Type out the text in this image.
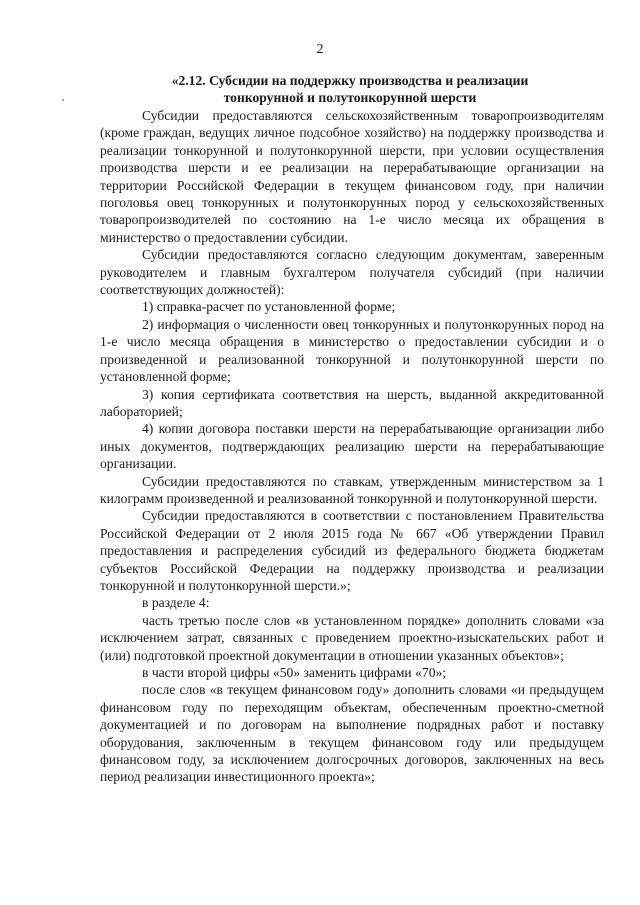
2
«2.12. Субсидии на поддержку производства и реализации
тонкорунной и полутонкорунной шерсти

Субсидии предоставляются сельскохозяйственным товаропроизводителям (кроме граждан, ведущих личное подсобное хозяйство) на поддержку производства и реализации тонкорунной и полутонкорунной шерсти, при условии осуществления производства шерсти и ее реализации на перерабатывающие организации на территории Российской Федерации в текущем финансовом году, при наличии поголовья овец тонкорунных и полутонкорунных пород у сельскохозяйственных товаропроизводителей по состоянию на 1-е число месяца их обращения в министерство о предоставлении субсидии.

Субсидии предоставляются согласно следующим документам, заверенным руководителем и главным бухгалтером получателя субсидий (при наличии соответствующих должностей):

1) справка-расчет по установленной форме;

2) информация о численности овец тонкорунных и полутонкорунных пород на 1-е число месяца обращения в министерство о предоставлении субсидии и о произведенной и реализованной тонкорунной и полутонкорунной шерсти по установленной форме;

3) копия сертификата соответствия на шерсть, выданной аккредитованной лабораторией;

4) копии договора поставки шерсти на перерабатывающие организации либо иных документов, подтверждающих реализацию шерсти на перерабатывающие организации.

Субсидии предоставляются по ставкам, утвержденным министерством за 1 килограмм произведенной и реализованной тонкорунной и полутонкорунной шерсти.

Субсидии предоставляются в соответствии с постановлением Правительства Российской Федерации от 2 июля 2015 года № 667 «Об утверждении Правил предоставления и распределения субсидий из федерального бюджета бюджетам субъектов Российской Федерации на поддержку производства и реализации тонкорунной и полутонкорунной шерсти.»;

в разделе 4:

часть третью после слов «в установленном порядке» дополнить словами «за исключением затрат, связанных с проведением проектно-изыскательских работ и (или) подготовкой проектной документации в отношении указанных объектов»;

в части второй цифры «50» заменить цифрами «70»;

после слов «в текущем финансовом году» дополнить словами «и предыдущем финансовом году по переходящим объектам, обеспеченным проектно-сметной документацией и по договорам на выполнение подрядных работ и поставку оборудования, заключенным в текущем финансовом году или предыдущем финансовом году, за исключением долгосрочных договоров, заключенных на весь период реализации инвестиционного проекта»;
